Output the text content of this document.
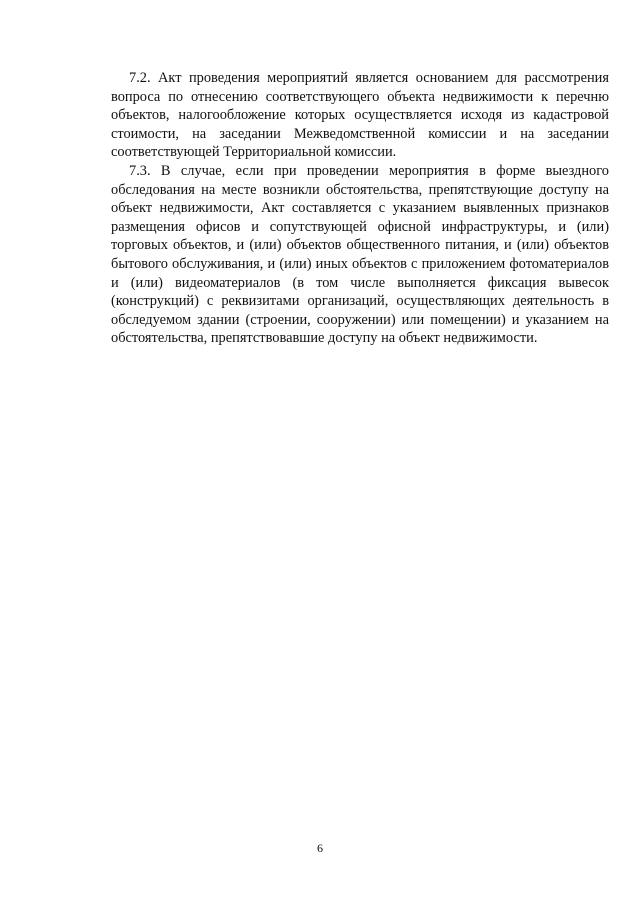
7.2. Акт проведения мероприятий является основанием для рассмотрения вопроса по отнесению соответствующего объекта недвижимости к перечню объектов, налогообложение которых осуществляется исходя из кадастровой стоимости, на заседании Межведомственной комиссии и на заседании соответствующей Территориальной комиссии.

7.3. В случае, если при проведении мероприятия в форме выездного обследования на месте возникли обстоятельства, препятствующие доступу на объект недвижимости, Акт составляется с указанием выявленных признаков размещения офисов и сопутствующей офисной инфраструктуры, и (или) торговых объектов, и (или) объектов общественного питания, и (или) объектов бытового обслуживания, и (или) иных объектов с приложением фотоматериалов и (или) видеоматериалов (в том числе выполняется фиксация вывесок (конструкций) с реквизитами организаций, осуществляющих деятельность в обследуемом здании (строении, сооружении) или помещении) и указанием на обстоятельства, препятствовавшие доступу на объект недвижимости.

6
